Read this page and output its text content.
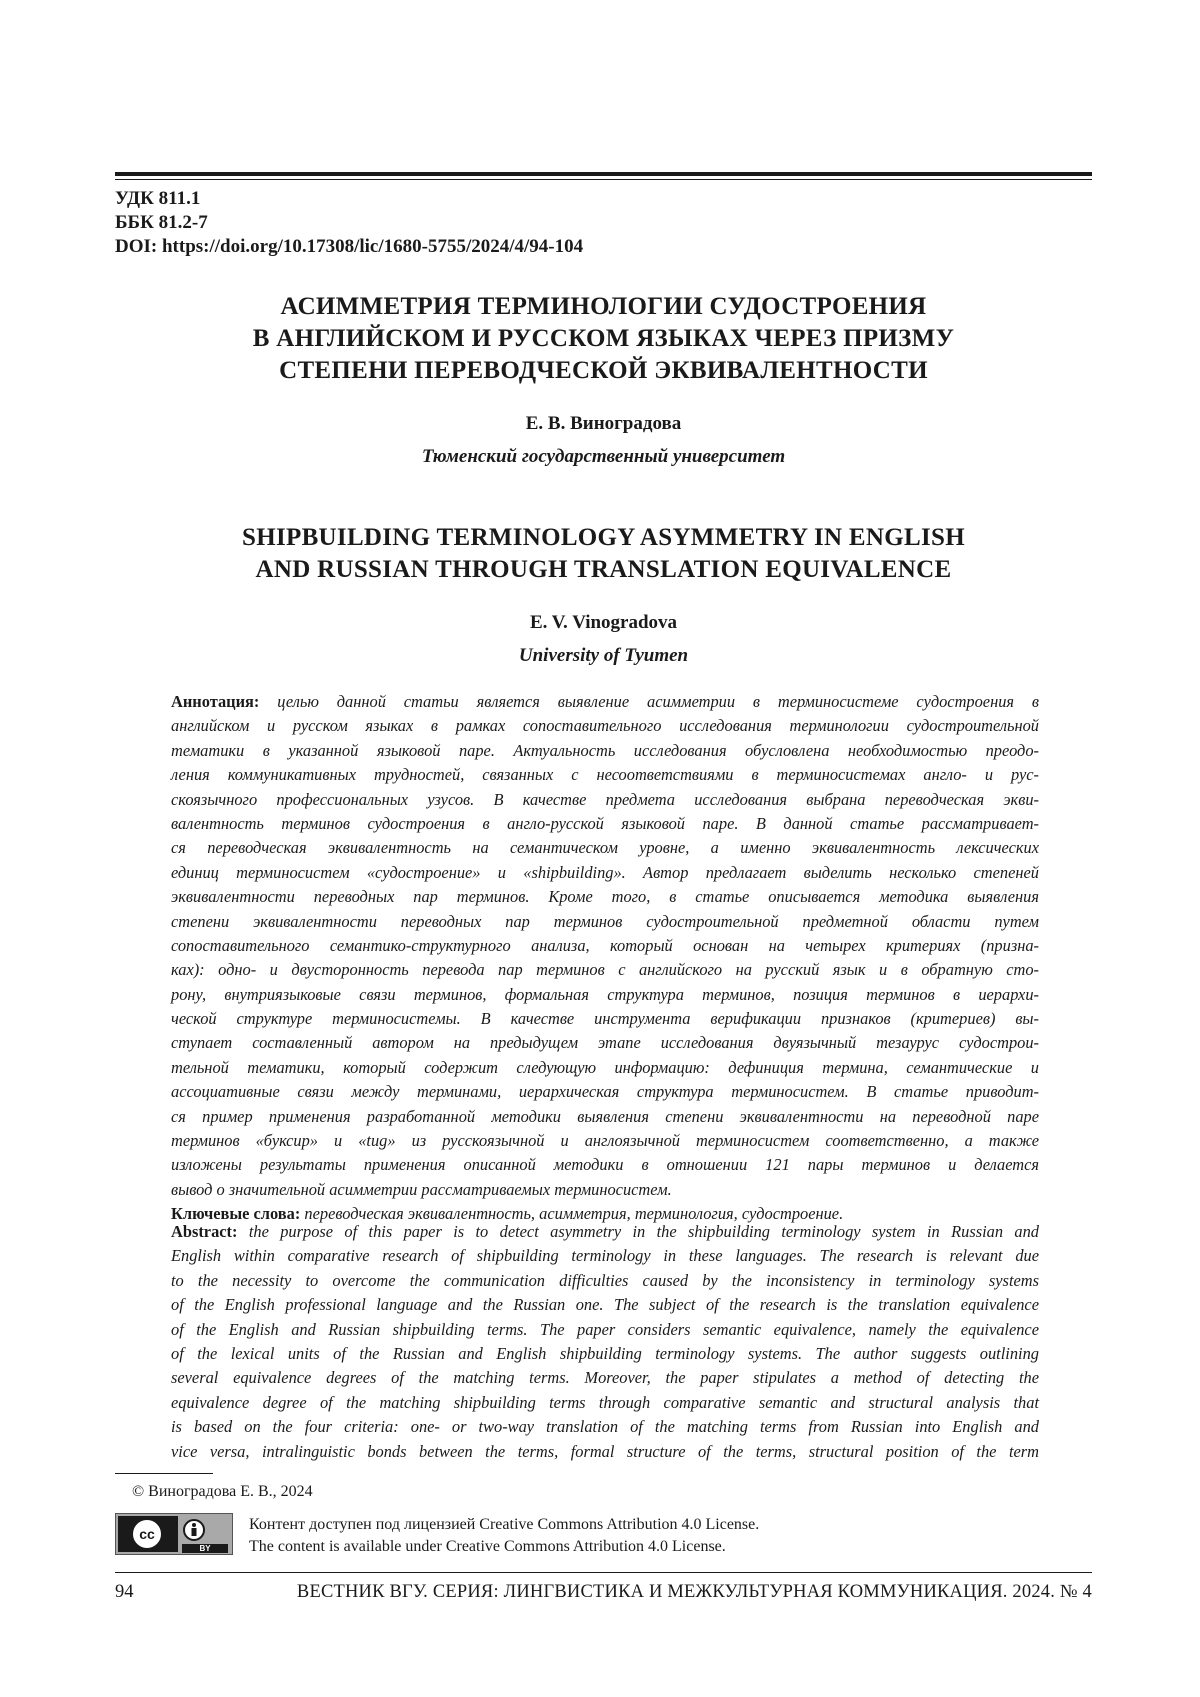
УДК 811.1
ББК 81.2-7
DOI: https://doi.org/10.17308/lic/1680-5755/2024/4/94-104
АСИММЕТРИЯ ТЕРМИНОЛОГИИ СУДОСТРОЕНИЯ
В АНГЛИЙСКОМ И РУССКОМ ЯЗЫКАХ ЧЕРЕЗ ПРИЗМУ
СТЕПЕНИ ПЕРЕВОДЧЕСКОЙ ЭКВИВАЛЕНТНОСТИ
Е. В. Виноградова
Тюменский государственный университет
SHIPBUILDING TERMINOLOGY ASYMMETRY IN ENGLISH
AND RUSSIAN THROUGH TRANSLATION EQUIVALENCE
E. V. Vinogradova
University of Tyumen
Аннотация: целью данной статьи является выявление асимметрии в терминосистеме судостроения в
английском и русском языках в рамках сопоставительного исследования терминологии судостроительной
тематики в указанной языковой паре. Актуальность исследования обусловлена необходимостью преодо-
ления коммуникативных трудностей, связанных с несоответствиями в терминосистемах англо- и рус-
скоязычного профессиональных узусов. В качестве предмета исследования выбрана переводческая экви-
валентность терминов судостроения в англо-русской языковой паре. В данной статье рассматривает-
ся переводческая эквивалентность на семантическом уровне, а именно эквивалентность лексических
единиц терминосистем «судостроение» и «shipbuilding». Автор предлагает выделить несколько степеней
эквивалентности переводных пар терминов. Кроме того, в статье описывается методика выявления
степени эквивалентности переводных пар терминов судостроительной предметной области путем
сопоставительного семантико-структурного анализа, который основан на четырех критериях (призна-
ках): одно- и двусторонность перевода пар терминов с английского на русский язык и в обратную сто-
рону, внутриязыковые связи терминов, формальная структура терминов, позиция терминов в иерархи-
ческой структуре терминосистемы. В качестве инструмента верификации признаков (критериев) вы-
ступает составленный автором на предыдущем этапе исследования двуязычный тезаурус судострои-
тельной тематики, который содержит следующую информацию: дефиниция термина, семантические и
ассоциативные связи между терминами, иерархическая структура терминосистем. В статье приводит-
ся пример применения разработанной методики выявления степени эквивалентности на переводной паре
терминов «буксир» и «tug» из русскоязычной и англоязычной терминосистем соответственно, а также
изложены результаты применения описанной методики в отношении 121 пары терминов и делается
вывод о значительной асимметрии рассматриваемых терминосистем.
Ключевые слова: переводческая эквивалентность, асимметрия, терминология, судостроение.
Abstract: the purpose of this paper is to detect asymmetry in the shipbuilding terminology system in Russian and
English within comparative research of shipbuilding terminology in these languages. The research is relevant due
to the necessity to overcome the communication difficulties caused by the inconsistency in terminology systems
of the English professional language and the Russian one. The subject of the research is the translation equivalence
of the English and Russian shipbuilding terms. The paper considers semantic equivalence, namely the equivalence
of the lexical units of the Russian and English shipbuilding terminology systems. The author suggests outlining
several equivalence degrees of the matching terms. Moreover, the paper stipulates a method of detecting the
equivalence degree of the matching shipbuilding terms through comparative semantic and structural analysis that
is based on the four criteria: one- or two-way translation of the matching terms from Russian into English and
vice versa, intralinguistic bonds between the terms, formal structure of the terms, structural position of the term
© Виноградова Е. В., 2024
cc
BY
Контент доступен под лицензией Creative Commons Attribution 4.0 License.
The content is available under Creative Commons Attribution 4.0 License.
94	ВЕСТНИК ВГУ. СЕРИЯ: ЛИНГВИСТИКА И МЕЖКУЛЬТУРНАЯ КОММУНИКАЦИЯ. 2024. № 4
